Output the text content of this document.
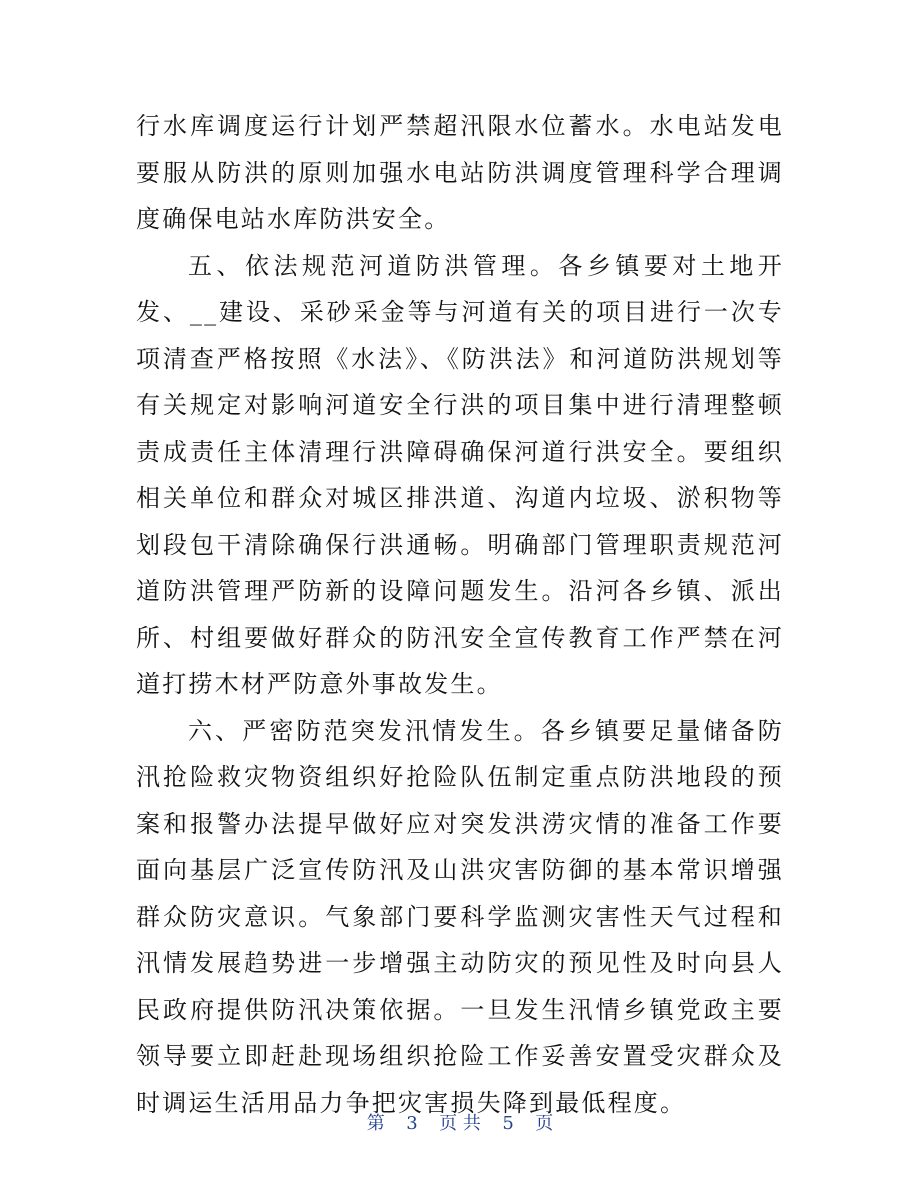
行水库调度运行计划严禁超汛限水位蓄水。水电站发电要服从防洪的原则加强水电站防洪调度管理科学合理调度确保电站水库防洪安全。

五、依法规范河道防洪管理。各乡镇要对土地开发、__建设、采砂采金等与河道有关的项目进行一次专项清查严格按照《水法》、《防洪法》和河道防洪规划等有关规定对影响河道安全行洪的项目集中进行清理整顿责成责任主体清理行洪障碍确保河道行洪安全。要组织相关单位和群众对城区排洪道、沟道内垃圾、淤积物等划段包干清除确保行洪通畅。明确部门管理职责规范河道防洪管理严防新的设障问题发生。沿河各乡镇、派出所、村组要做好群众的防汛安全宣传教育工作严禁在河道打捞木材严防意外事故发生。

六、严密防范突发汛情发生。各乡镇要足量储备防汛抢险救灾物资组织好抢险队伍制定重点防洪地段的预案和报警办法提早做好应对突发洪涝灾情的准备工作要面向基层广泛宣传防汛及山洪灾害防御的基本常识增强群众防灾意识。气象部门要科学监测灾害性天气过程和汛情发展趋势进一步增强主动防灾的预见性及时向县人民政府提供防汛决策依据。一旦发生汛情乡镇党政主要领导要立即赶赴现场组织抢险工作妥善安置受灾群众及时调运生活用品力争把灾害损失降到最低程度。

第 3 页 共 5 页
